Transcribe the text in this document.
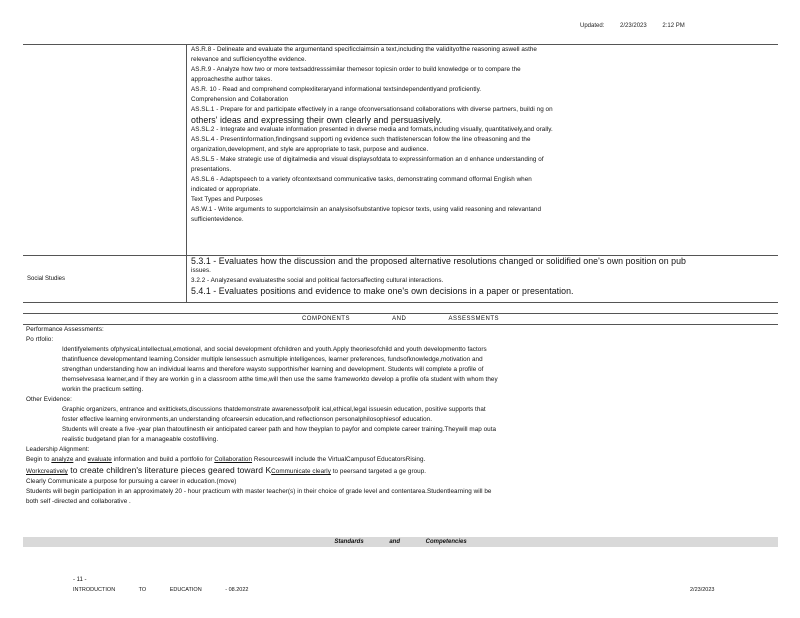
Updated:	2/23/2023	2:12 PM
AS.R.8 - Delineate and evaluate the argumentand specificclaimsin a text,including the validityofthe reasoning aswell asthe
relevance and sufficiencyofthe evidence.
AS.R.9 - Analyze how two or more textsaddresssimilar themesor topicsin order to build knowledge or to compare the
approachesthe author takes.
AS.R. 10 - Read and comprehend complexliteraryand informational textsindependentlyand proficiently.
Comprehension and Collaboration
AS.SL.1 - Prepare for and participate effectively in a range ofconversationsand collaborations with diverse partners, buildi ng on
others' ideas and expressing their own clearly and persuasively.
AS.SL.2 - Integrate and evaluate information presented in diverse media and formats,including visually, quantitatively,and orally.
AS.SL.4 - Presentinformation,findingsand supporti ng evidence such thatlistenerscan follow the line ofreasoning and the
organization,development, and style are appropriate to task, purpose and audience.
AS.SL.5 - Make strategic use of digitalmedia and visual displaysofdata to expressinformation an d enhance understanding of
presentations.
AS.SL.6 - Adaptspeech to a variety ofcontextsand communicative tasks, demonstrating command offormal English when
indicated or appropriate.
Text Types and Purposes
AS.W.1 - Write arguments to supportclaimsin an analysisofsubstantive topicsor texts, using valid reasoning and relevantand
sufficientevidence.
Social Studies
5.3.1 - Evaluates how the discussion and the proposed alternative resolutions changed or solidified one's own position on pub
issues.
3.2.2 - Analyzesand evaluatesthe social and political factorsaffecting cultural interactions.
5.4.1 - Evaluates positions and evidence to make one's own decisions in a paper or presentation.
COMPONENTS	AND	ASSESSMENTS
Performance Assessments:
Po rtfolio:
Identifyelements ofphysical,intellectual,emotional, and social development ofchildren and youth.Apply theoriesofchild and youth developmentto factors
thatinfluence developmentand learning.Consider multiple lensessuch asmultiple intelligences, learner preferences, fundsofknowledge,motivation and
strengthan understanding how an individual learns and therefore waysto supporthis/her learning and development. Students will complete a profile of
themselvesasa learner,and if they are workin g in a classroom atthe time,will then use the same frameworkto develop a profile ofa student with whom they
workin the practicum setting.
Other Evidence:
Graphic organizers, entrance and exittickets,discussions thatdemonstrate awarenessofpolit ical,ethical,legal issuesin education, positive supports that
foster effective learning environments,an understanding ofcareersin education,and reflectionson personalphilosophiesof education.
Students will create a five -year plan thatoutlinesth eir anticipated career path and how theyplan to payfor and complete career training.Theywill map outa
realistic budgetand plan for a manageable costoflliving.
Leadership Alignment:
Begin to analyze and evaluate information and build a portfolio for Collaboration Resourceswill include the VirtualCampusof EducatorsRising.
Workcreatively to create children's literature pieces geared toward KCommunicate clearly to peersand targeted a ge group.
Clearly Communicate a purpose for pursuing a career in education.(move)
Students will begin participation in an approximately 20 - hour practicum with master teacher(s) in their choice of grade level and contentarea.Studentlearning will be
both self -directed and collaborative .
Standards	and	Competencies
- 11 -
INTRODUCTION	TO	EDUCATION	- 08.2022	2/23/2023
